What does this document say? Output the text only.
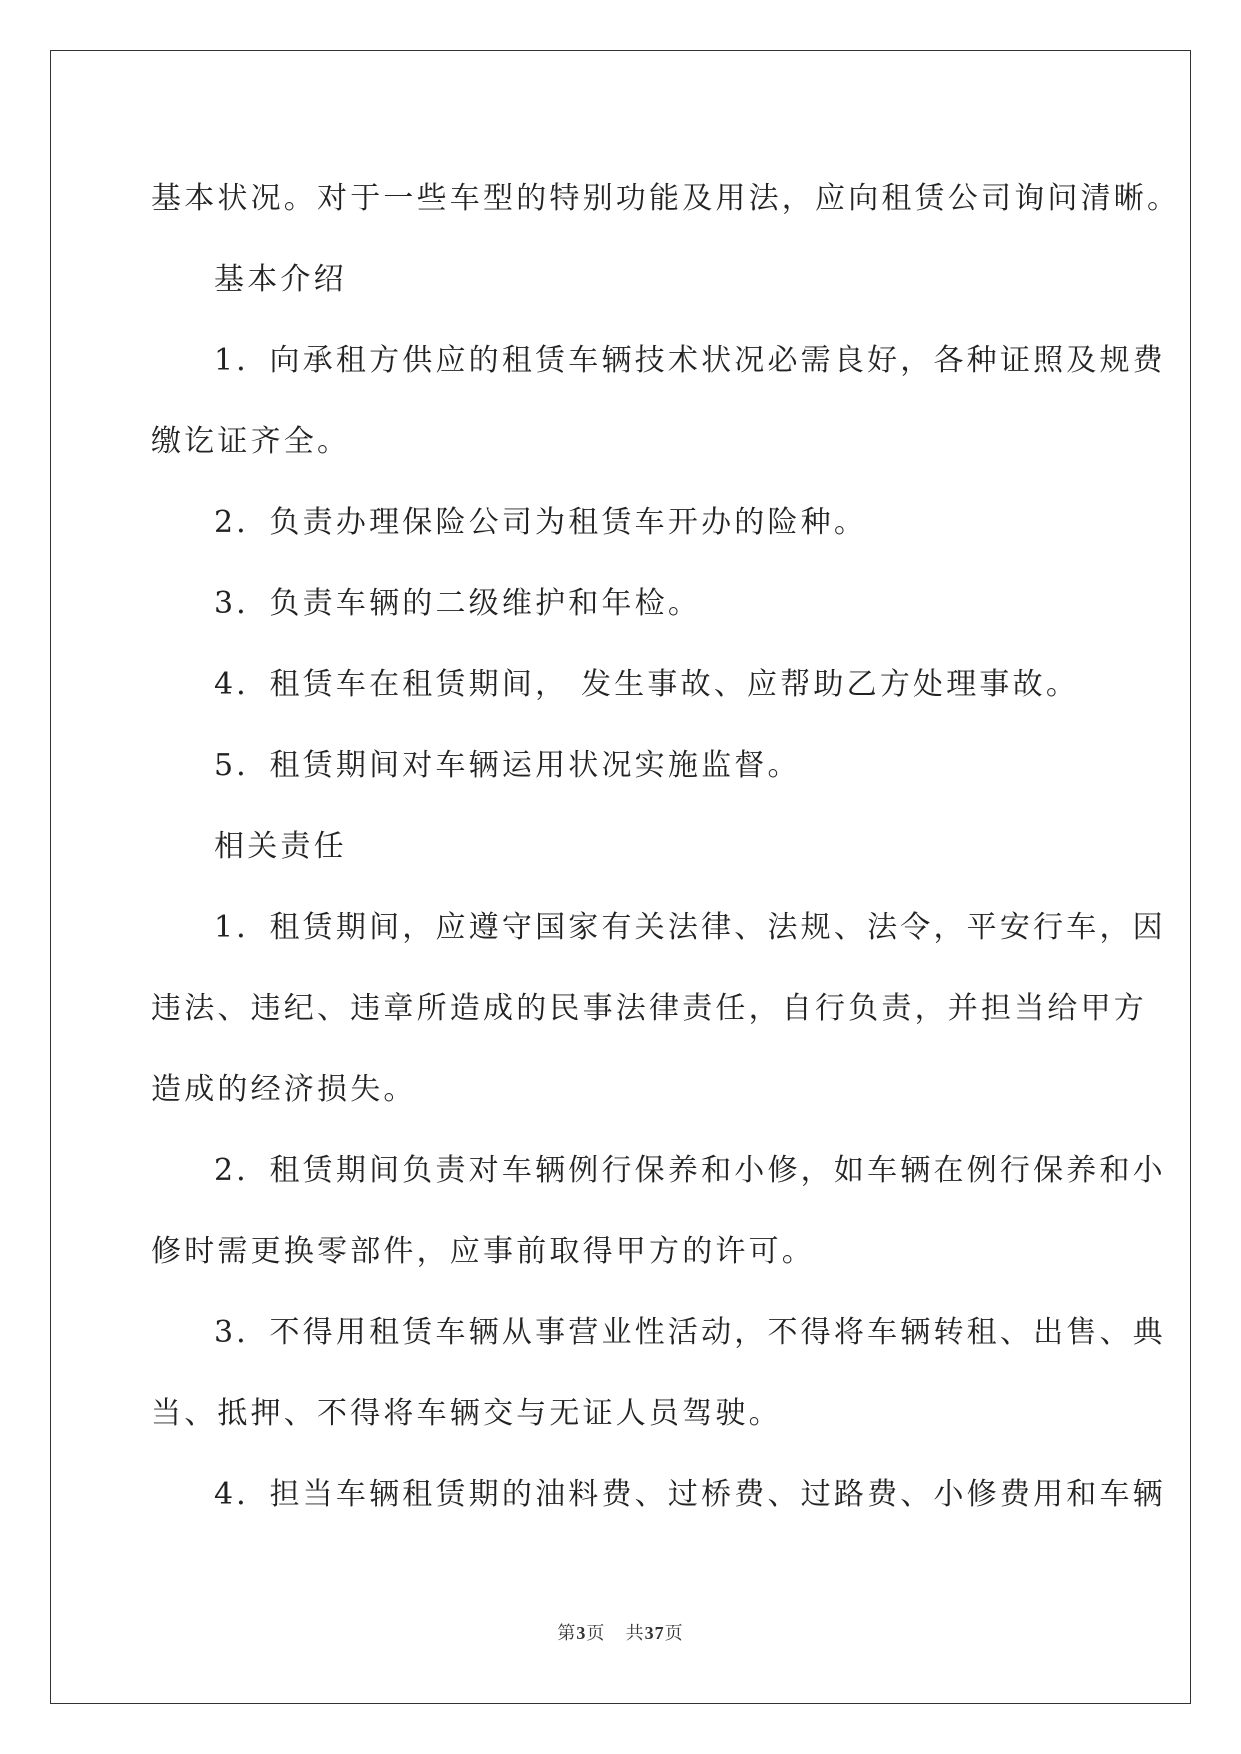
基本状况。对于一些车型的特别功能及用法，应向租赁公司询问清晰。

基本介绍

1．向承租方供应的租赁车辆技术状况必需良好，各种证照及规费

缴讫证齐全。

2．负责办理保险公司为租赁车开办的险种。

3．负责车辆的二级维护和年检。

4．租赁车在租赁期间， 发生事故、应帮助乙方处理事故。

5．租赁期间对车辆运用状况实施监督。

相关责任

1．租赁期间，应遵守国家有关法律、法规、法令，平安行车，因

违法、违纪、违章所造成的民事法律责任，自行负责，并担当给甲方

造成的经济损失。

2．租赁期间负责对车辆例行保养和小修，如车辆在例行保养和小

修时需更换零部件，应事前取得甲方的许可。

3．不得用租赁车辆从事营业性活动，不得将车辆转租、出售、典

当、抵押、不得将车辆交与无证人员驾驶。

4．担当车辆租赁期的油料费、过桥费、过路费、小修费用和车辆

第3页 共37页
